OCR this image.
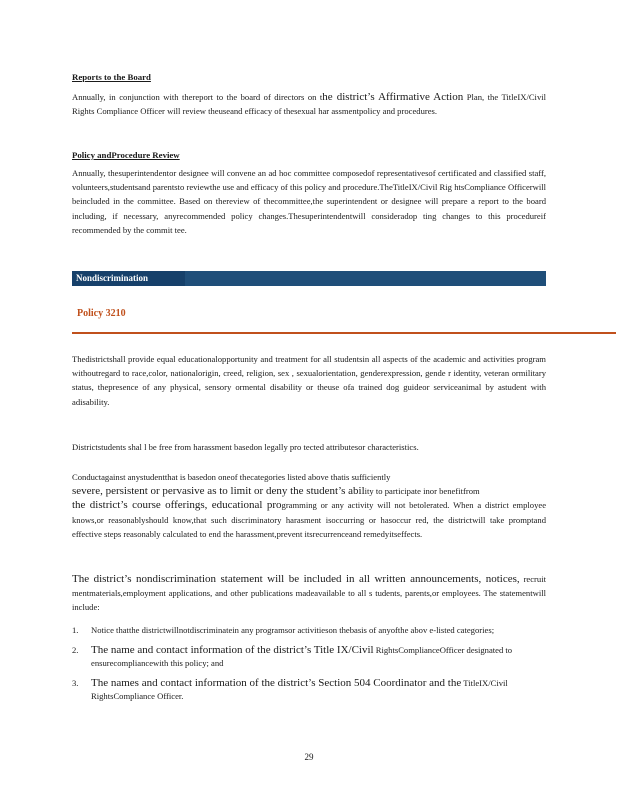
Reports to the Board
Annually, in conjunction with thereport to the board of directors on the district’s Affirmative Action Plan, the TitleIX/Civil Rights Compliance Officer will review theuseand efficacy of thesexual har assmentpolicy and procedures.
Policy andProcedure Review
Annually, thesuperintendentor designee will convene an ad hoc committee composedof representativesof certificated and classified staff, volunteers,studentsand parentsto reviewthe use and efficacy of this policy and procedure.TheTitleIX/Civil Rig htsCompliance Officerwill beincluded in the committee. Based on thereview of thecommittee,the superintendent or designee will prepare a report to the board including, if necessary, anyrecommended policy changes.Thesuperintendentwill consideradop ting changes to this procedureif recommended by the commit tee.
Nondiscrimination
Policy 3210
Thedistrictshall provide equal educationalopportunity and treatment for all studentsin all aspects of the academic and activities program withoutregard to race,color, nationalorigin, creed, religion, sex , sexualorientation, genderexpression, gende r identity, veteran ormilitary status, thepresence of any physical, sensory ormental disability or theuse ofa trained dog guideor serviceanimal by astudent with adisability.
Districtstudents shal l be free from harassment basedon legally pro tected attributesor characteristics.
Conductagainst anystudentthat is basedon oneof thecategories listed above thatis sufficiently
severe, persistent or pervasive as to limit or deny the student’s ability to participate inor benefitfrom
the district’s course offerings, educational programming or any activity will not betolerated. When a district employee knows,or reasonablyshould know,that such discriminatory harasment isoccurring or hasoccur red, the districtwill take promptand effective steps reasonably calculated to end the harassment,prevent itsrecurrenceand remedyitseffects.
The district’s nondiscrimination statement will be included in all written announcements, notices, recruit mentmaterials,employment applications, and other publications madeavailable to all s tudents, parents,or employees. The statementwill include:
1. Notice thatthe districtwillnotdiscriminatein any programsor activitieson thebasis of anyofthe abov e-listed categories;
2. The name and contact information of the district’s Title IX/Civil RightsComplianceOfficer designated to ensurecompliancewith this policy; and
3. The names and contact information of the district’s Section 504 Coordinator and the TitleIX/Civil RightsCompliance Officer.
29
